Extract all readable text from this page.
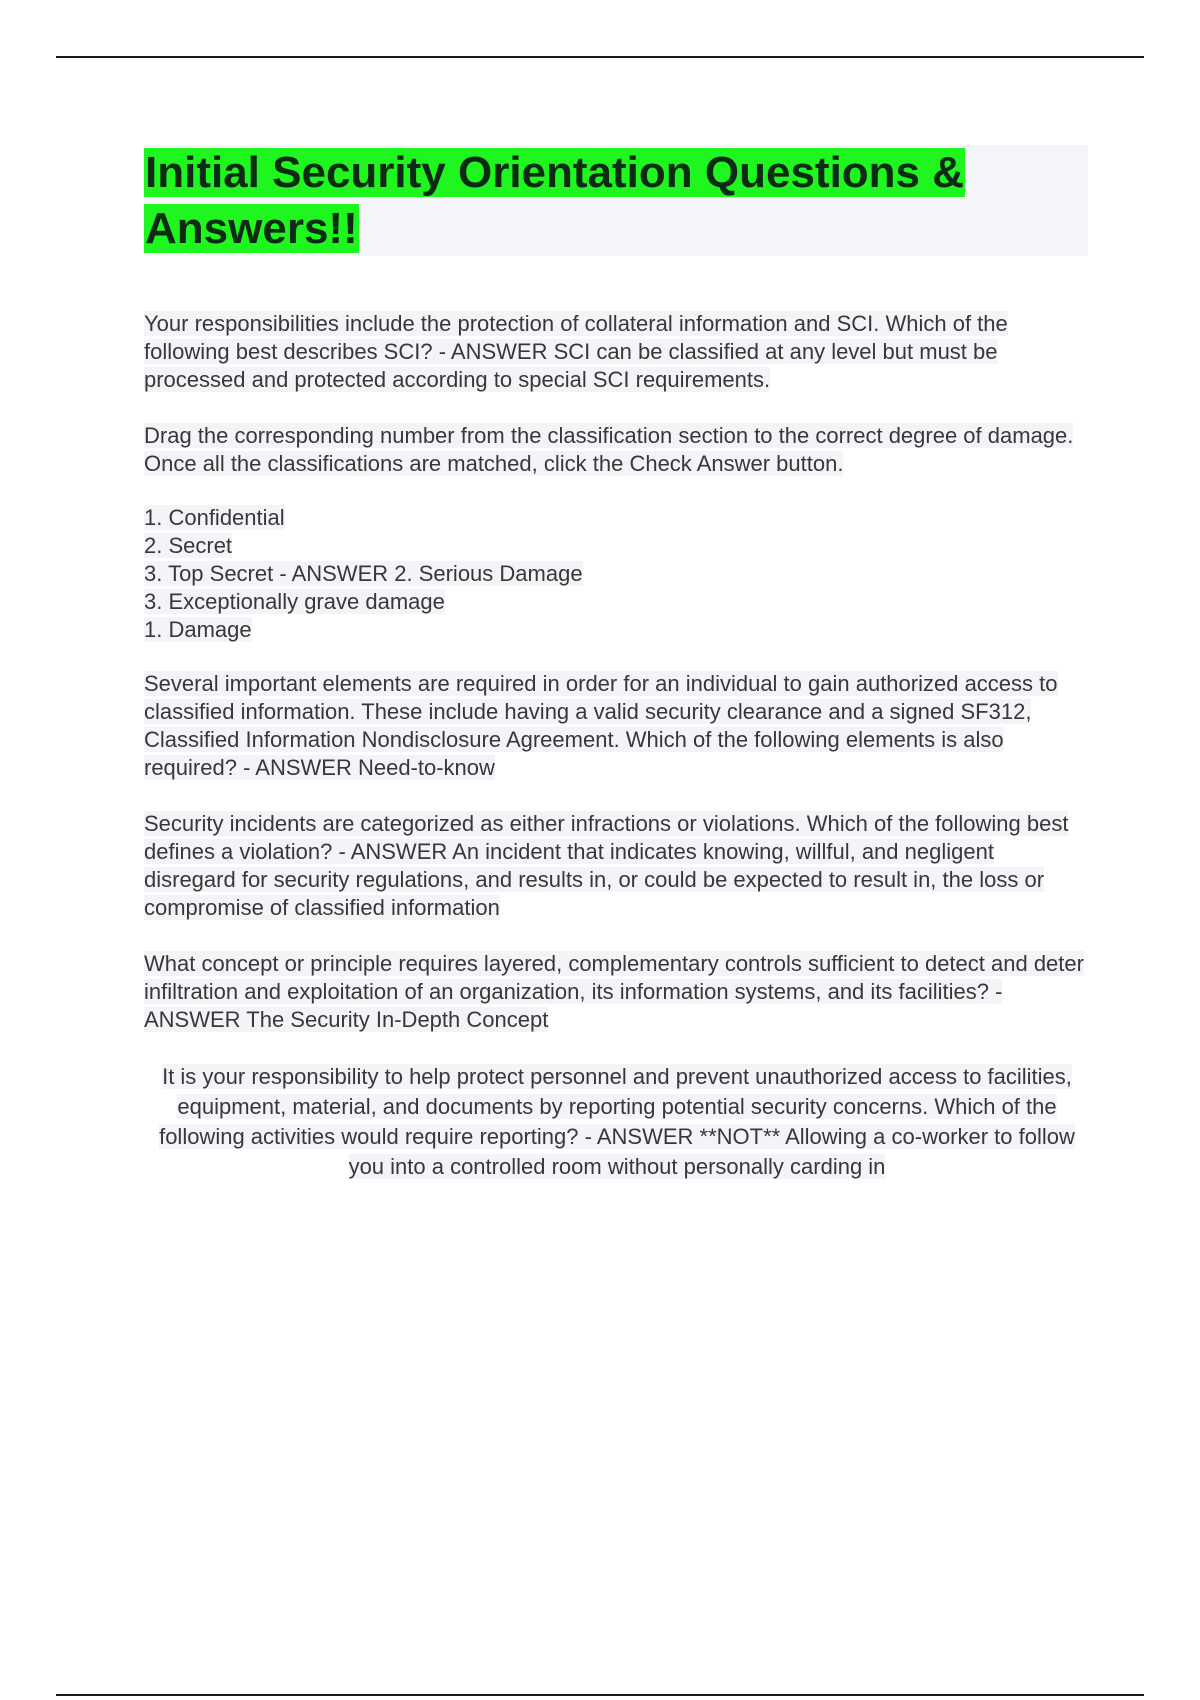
Initial Security Orientation Questions & Answers!!

Your responsibilities include the protection of collateral information and SCI. Which of the following best describes SCI? - ANSWER SCI can be classified at any level but must be processed and protected according to special SCI requirements.

Drag the corresponding number from the classification section to the correct degree of damage. Once all the classifications are matched, click the Check Answer button.

1. Confidential
2. Secret
3. Top Secret - ANSWER 2. Serious Damage
3. Exceptionally grave damage
1. Damage

Several important elements are required in order for an individual to gain authorized access to classified information. These include having a valid security clearance and a signed SF312, Classified Information Nondisclosure Agreement. Which of the following elements is also required? - ANSWER Need-to-know

Security incidents are categorized as either infractions or violations. Which of the following best defines a violation? - ANSWER An incident that indicates knowing, willful, and negligent disregard for security regulations, and results in, or could be expected to result in, the loss or compromise of classified information

What concept or principle requires layered, complementary controls sufficient to detect and deter infiltration and exploitation of an organization, its information systems, and its facilities? - ANSWER The Security In-Depth Concept

It is your responsibility to help protect personnel and prevent unauthorized access to facilities, equipment, material, and documents by reporting potential security concerns. Which of the following activities would require reporting? - ANSWER **NOT** Allowing a co-worker to follow you into a controlled room without personally carding in
